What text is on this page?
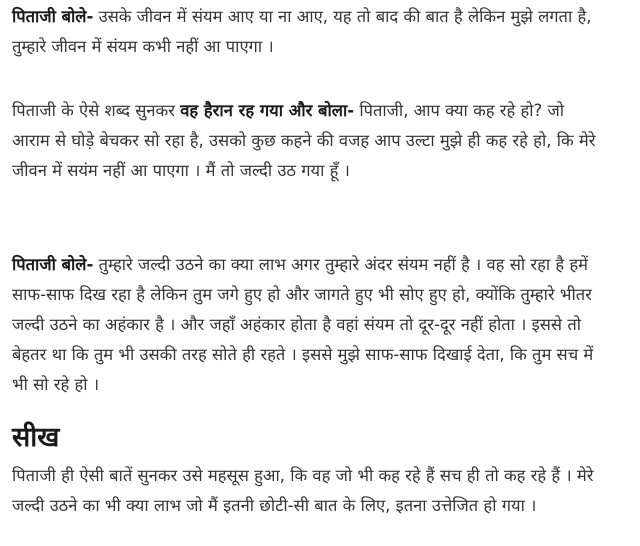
पिताजी बोले- उसके जीवन में संयम आए या ना आए, यह तो बाद की बात है लेकिन मुझे लगता है, तुम्हारे जीवन में संयम कभी नहीं आ पाएगा ।

पिताजी के ऐसे शब्द सुनकर वह हैरान रह गया और बोला- पिताजी, आप क्या कह रहे हो? जो आराम से घोड़े बेचकर सो रहा है, उसको कुछ कहने की वजह आप उल्टा मुझे ही कह रहे हो, कि मेरे जीवन में सयंम नहीं आ पाएगा । मैं तो जल्दी उठ गया हूँ ।

पिताजी बोले- तुम्हारे जल्दी उठने का क्या लाभ अगर तुम्हारे अंदर संयम नहीं है । वह सो रहा है हमें साफ-साफ दिख रहा है लेकिन तुम जगे हुए हो और जागते हुए भी सोए हुए हो, क्योंकि तुम्हारे भीतर जल्दी उठने का अहंकार है । और जहाँ अहंकार होता है वहां संयम तो दूर-दूर नहीं होता । इससे तो बेहतर था कि तुम भी उसकी तरह सोते ही रहते । इससे मुझे साफ-साफ दिखाई देता, कि तुम सच में भी सो रहे हो ।

सीख

पिताजी ही ऐसी बातें सुनकर उसे महसूस हुआ, कि वह जो भी कह रहे हैं सच ही तो कह रहे हैं । मेरे जल्दी उठने का भी क्या लाभ जो मैं इतनी छोटी-सी बात के लिए, इतना उत्तेजित हो गया ।
